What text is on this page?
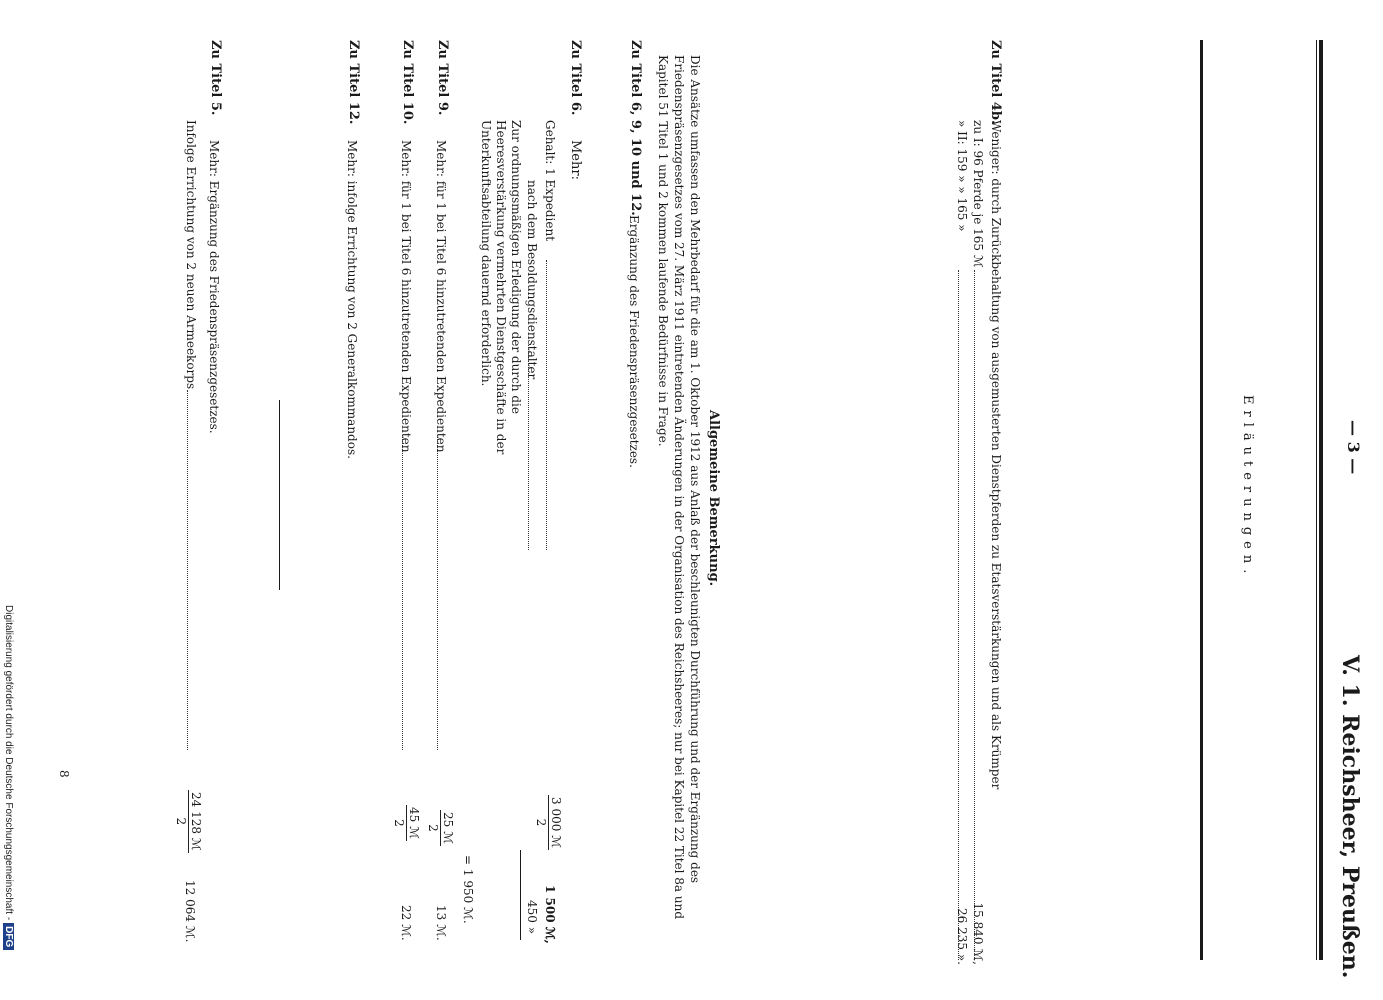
— 3 —
V. 1. Reichsheer, Preußen.
Erläuterungen.
Zu Titel 4b.
Weniger: durch Zurückbehaltung von ausgemusterten Dienstpferden zu Etatsverstärkungen und als Krümper
zu I: 96 Pferde je 165 ℳ
15 840 ℳ,
» II: 159 » » 165 »
26 235 ».
Allgemeine Bemerkung.
Die Ansätze umfassen den Mehrbedarf für die am 1. Oktober 1912 aus Anlaß der beschleunigten Durchführung und der Ergänzung des Friedenspräsenzgesetzes vom 27. März 1911 eintretenden Änderungen in der Organisation des Reichsheeres; nur bei Kapitel 22 Titel 8a und Kapitel 51 Titel 1 und 2 kommen laufende Bedürfnisse in Frage.
Zu Titel 6, 9, 10 und 12.
Ergänzung des Friedenspräsenzgesetzes.
Zu Titel 6.
Mehr:
Gehalt: 1 Expedient
3 000 ℳ
2
1 500 ℳ,
nach dem Besoldungsdienstalter
450 »
Zur ordnungsmäßigen Erledigung der durch die Heeresverstärkung vermehrten Dienstgeschäfte in der Unterkunftsabteilung dauernd erforderlich.
Zu Titel 9.
Mehr: für 1 bei Titel 6 hinzutretenden Expedienten
25 ℳ
2
= 1 950 ℳ.
13 ℳ.
Zu Titel 10.
Mehr: für 1 bei Titel 6 hinzutretenden Expedienten
45 ℳ
2
22 ℳ.
Zu Titel 12.
Mehr: infolge Errichtung von 2 Generalkommandos.
Zu Titel 5.
Mehr: Ergänzung des Friedenspräsenzgesetzes.
Infolge Errichtung von 2 neuen Armeekorps
24 128 ℳ
2
12 064 ℳ.
8
Digitalisierung gefördert durch die Deutsche Forschungsgemeinschaft -DFG
